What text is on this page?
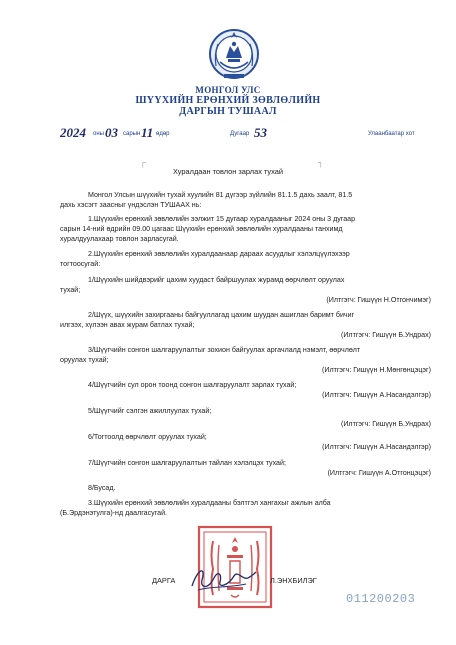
МОНГОЛ УЛС
ШҮҮХИЙН ЕРӨНХИЙ ЗӨВЛӨЛИЙН
ДАРГЫН ТУШААЛ
2024 оны 03 сарын 11 өдөр	Дугаар 53	Улаанбаатар хот
┌	┐
Хуралдаан товлон зарлах тухай
Монгол Улсын шүүхийн тухай хуулийн 81 дүгээр зүйлийн 81.1.5 дахь заалт, 81.5
дахь хэсэгт заасныг үндэслэн ТУШААХ нь:
1.Шүүхийн ерөнхий зөвлөлийн ээлжит 15 дугаар хуралдааныг 2024 оны 3 дугаар
сарын 14-ний өдрийн 09.00 цагаас Шүүхийн ерөнхий зөвлөлийн хуралдааны танхимд
хуралдуулахаар товлон зарласугай.
2.Шүүхийн ерөнхий зөвлөлийн хуралдаанаар дараах асуудлыг хэлэлцүүлэхээр
тогтоосугай:
1/Шүүхийн шийдвэрийг цахим хуудаст байршуулах журамд өөрчлөлт оруулах
тухай;
(Илтгэгч: Гишүүн Н.Отгончимэг)
2/Шүүх, шүүхийн захиргааны байгууллагад цахим шуудан ашиглан баримт бичиг
илгээх, хүлээн авах журам батлах тухай;
(Илтгэгч: Гишүүн Б.Ундрах)
3/Шүүгчийн сонгон шалгаруулалтыг зохион байгуулах аргачлалд нэмэлт, өөрчлөлт
оруулах тухай;
(Илтгэгч: Гишүүн Н.Мөнгөнцэцэг)
4/Шүүгчийн сул орон тоонд сонгон шалгаруулалт зарлах тухай;
(Илтгэгч: Гишүүн А.Насандэлгэр)
5/Шүүгчийг сэлгэн ажиллуулах тухай;
(Илтгэгч: Гишүүн Б.Ундрах)
6/Тогтоолд өөрчлөлт оруулах тухай;
(Илтгэгч: Гишүүн А.Насандэлгэр)
7/Шүүгчийн сонгон шалгаруулалтын тайлан хэлэлцэх тухай;
(Илтгэгч: Гишүүн А.Отгонцэцэг)
8/Бусад.
3.Шүүхийн ерөнхий зөвлөлийн хуралдааны бэлтгэл хангахыг ажлын алба
(Б.Эрдэнэтулга)-нд даалгасугай.
ДАРГА	Л.ЭНХБИЛЭГ
011200203
